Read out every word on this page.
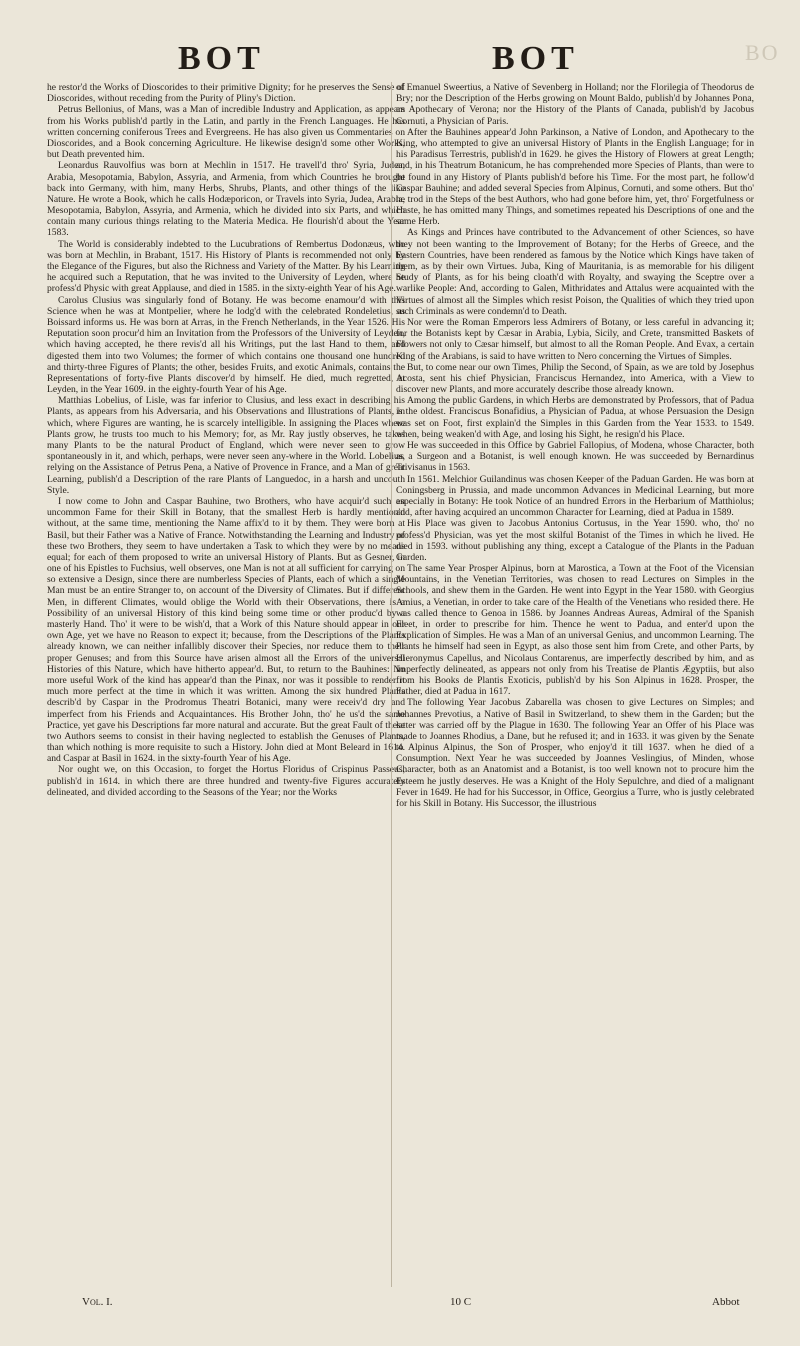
BOT	BOT	BO

he restor'd the Works of Dioscorides to their primitive Dignity; for he preserves the Sense of Dioscorides, without receding from the Purity of Pliny's Diction.

Petrus Bellonius, of Mans, was a Man of incredible Industry and Application, as appears from his Works publish'd partly in the Latin, and partly in the French Languages. He has written concerning coniferous Trees and Evergreens. He has also given us Commentaries on Dioscorides, and a Book concerning Agriculture. He likewise design'd some other Works, but Death prevented him.

Leonardus Rauvolfius was born at Mechlin in 1517. He travell'd thro' Syria, Judea, Arabia, Mesopotamia, Babylon, Assyria, and Armenia, from which Countries he brought back into Germany, with him, many Herbs, Shrubs, Plants, and other things of the like Nature. He wrote a Book, which he calls Hodæporicon, or Travels into Syria, Judea, Arabia, Mesopotamia, Babylon, Assyria, and Armenia, which he divided into six Parts, and which contain many curious things relating to the Materia Medica. He flourish'd about the Year 1583.

The World is considerably indebted to the Lucubrations of Rembertus Dodonæus, who was born at Mechlin, in Brabant, 1517. His History of Plants is recommended not only by the Elegance of the Figures, but also the Richness and Variety of the Matter. By his Learning he acquired such a Reputation, that he was invited to the University of Leyden, where he profess'd Physic with great Applause, and died in 1585. in the sixty-eighth Year of his Age.

Carolus Clusius was singularly fond of Botany. He was become enamour'd with this Science when he was at Montpelier, where he lodg'd with the celebrated Rondeletius, as Boissard informs us. He was born at Arras, in the French Netherlands, in the Year 1526. His Reputation soon procur'd him an Invitation from the Professors of the University of Leyden, which having accepted, he there revis'd all his Writings, put the last Hand to them, and digested them into two Volumes; the former of which contains one thousand one hundred and thirty-three Figures of Plants; the other, besides Fruits, and exotic Animals, contains the Representations of forty-five Plants discover'd by himself. He died, much regretted, at Leyden, in the Year 1609. in the eighty-fourth Year of his Age.

Matthias Lobelius, of Lisle, was far inferior to Clusius, and less exact in describing his Plants, as appears from his Adversaria, and his Observations and Illustrations of Plants, in which, where Figures are wanting, he is scarcely intelligible. In assigning the Places where Plants grow, he trusts too much to his Memory; for, as Mr. Ray justly observes, he takes many Plants to be the natural Product of England, which were never seen to grow spontaneously in it, and which, perhaps, were never seen any-where in the World. Lobelius, relying on the Assistance of Petrus Pena, a Native of Provence in France, and a Man of great Learning, publish'd a Description of the rare Plants of Languedoc, in a harsh and uncouth Style.

I now come to John and Caspar Bauhine, two Brothers, who have acquir'd such an uncommon Fame for their Skill in Botany, that the smallest Herb is hardly mention'd without, at the same time, mentioning the Name affix'd to it by them. They were born at Basil, but their Father was a Native of France. Notwithstanding the Learning and Industry of these two Brothers, they seem to have undertaken a Task to which they were by no means equal; for each of them proposed to write an universal History of Plants. But as Gesner, in one of his Epistles to Fuchsius, well observes, one Man is not at all sufficient for carrying on so extensive a Design, since there are numberless Species of Plants, each of which a single Man must be an entire Stranger to, on account of the Diversity of Climates. But if different Men, in different Climates, would oblige the World with their Observations, there is a Possibility of an universal History of this kind being some time or other produc'd by a masterly Hand. Tho' it were to be wish'd, that a Work of this Nature should appear in our own Age, yet we have no Reason to expect it; because, from the Descriptions of the Plants already known, we can neither infallibly discover their Species, nor reduce them to their proper Genuses; and from this Source have arisen almost all the Errors of the universal Histories of this Nature, which have hitherto appear'd. But, to return to the Bauhines: No more useful Work of the kind has appear'd than the Pinax, nor was it possible to render it much more perfect at the time in which it was written. Among the six hundred Plants describ'd by Caspar in the Prodromus Theatri Botanici, many were receiv'd dry and imperfect from his Friends and Acquaintances. His Brother John, tho' he us'd the same Practice, yet gave his Descriptions far more natural and accurate. But the great Fault of these two Authors seems to consist in their having neglected to establish the Genuses of Plants, than which nothing is more requisite to such a History. John died at Mont Beleard in 1614. and Caspar at Basil in 1624. in the sixty-fourth Year of his Age.

Nor ought we, on this Occasion, to forget the Hortus Floridus of Crispinus Passeus, publish'd in 1614. in which there are three hundred and twenty-five Figures accurately delineated, and divided according to the Seasons of the Year; nor the Works

of Emanuel Sweertius, a Native of Sevenberg in Holland; nor the Florilegia of Theodorus de Bry; nor the Description of the Herbs growing on Mount Baldo, publish'd by Johannes Pona, an Apothecary of Verona; nor the History of the Plants of Canada, publish'd by Jacobus Cornuti, a Physician of Paris.

After the Bauhines appear'd John Parkinson, a Native of London, and Apothecary to the King, who attempted to give an universal History of Plants in the English Language; for in his Paradisus Terrestris, publish'd in 1629. he gives the History of Flowers at great Length; and, in his Theatrum Botanicum, he has comprehended more Species of Plants, than were to be found in any History of Plants publish'd before his Time. For the most part, he follow'd Caspar Bauhine; and added several Species from Alpinus, Cornuti, and some others. But tho' he trod in the Steps of the best Authors, who had gone before him, yet, thro' Forgetfulness or Haste, he has omitted many Things, and sometimes repeated his Descriptions of one and the same Herb.

As Kings and Princes have contributed to the Advancement of other Sciences, so have they not been wanting to the Improvement of Botany; for the Herbs of Greece, and the Eastern Countries, have been rendered as famous by the Notice which Kings have taken of them, as by their own Virtues. Juba, King of Mauritania, is as memorable for his diligent Study of Plants, as for his being cloath'd with Royalty, and swaying the Sceptre over a warlike People: And, according to Galen, Mithridates and Attalus were acquainted with the Virtues of almost all the Simples which resist Poison, the Qualities of which they tried upon such Criminals as were condemn'd to Death.

Nor were the Roman Emperors less Admirers of Botany, or less careful in advancing it; for the Botanists kept by Cæsar in Arabia, Lybia, Sicily, and Crete, transmitted Baskets of Flowers not only to Cæsar himself, but almost to all the Roman People. And Evax, a certain King of the Arabians, is said to have written to Nero concerning the Virtues of Simples.

But, to come near our own Times, Philip the Second, of Spain, as we are told by Josephus Acosta, sent his chief Physician, Franciscus Hernandez, into America, with a View to discover new Plants, and more accurately describe those already known.

Among the public Gardens, in which Herbs are demonstrated by Professors, that of Padua is the oldest. Franciscus Bonafidius, a Physician of Padua, at whose Persuasion the Design was set on Foot, first explain'd the Simples in this Garden from the Year 1533. to 1549. when, being weaken'd with Age, and losing his Sight, he resign'd his Place.

He was succeeded in this Office by Gabriel Fallopius, of Modena, whose Character, both as a Surgeon and a Botanist, is well enough known. He was succeeded by Bernardinus Trivisanus in 1563.

In 1561. Melchior Guilandinus was chosen Keeper of the Paduan Garden. He was born at Coningsberg in Prussia, and made uncommon Advances in Medicinal Learning, but more especially in Botany: He took Notice of an hundred Errors in the Herbarium of Matthiolus; and, after having acquired an uncommon Character for Learning, died at Padua in 1589.

His Place was given to Jacobus Antonius Cortusus, in the Year 1590. who, tho' no profess'd Physician, was yet the most skilful Botanist of the Times in which he lived. He died in 1593. without publishing any thing, except a Catalogue of the Plants in the Paduan Garden.

The same Year Prosper Alpinus, born at Marostica, a Town at the Foot of the Vicensian Mountains, in the Venetian Territories, was chosen to read Lectures on Simples in the Schools, and shew them in the Garden. He went into Egypt in the Year 1580. with Georgius Amius, a Venetian, in order to take care of the Health of the Venetians who resided there. He was called thence to Genoa in 1586. by Joannes Andreas Aureas, Admiral of the Spanish Fleet, in order to prescribe for him. Thence he went to Padua, and enter'd upon the Explication of Simples. He was a Man of an universal Genius, and uncommon Learning. The Plants he himself had seen in Egypt, as also those sent him from Crete, and other Parts, by Hieronymus Capellus, and Nicolaus Contarenus, are imperfectly described by him, and as imperfectly delineated, as appears not only from his Treatise de Plantis Ægyptiis, but also from his Books de Plantis Exoticis, publish'd by his Son Alpinus in 1628. Prosper, the Father, died at Padua in 1617.

The following Year Jacobus Zabarella was chosen to give Lectures on Simples; and Johannes Prevotius, a Native of Basil in Switzerland, to shew them in the Garden; but the latter was carried off by the Plague in 1630. The following Year an Offer of his Place was made to Joannes Rhodius, a Dane, but he refused it; and in 1633. it was given by the Senate to Alpinus Alpinus, the Son of Prosper, who enjoy'd it till 1637. when he died of a Consumption. Next Year he was succeeded by Joannes Veslingius, of Minden, whose Character, both as an Anatomist and a Botanist, is too well known not to procure him the Esteem he justly deserves. He was a Knight of the Holy Sepulchre, and died of a malignant Fever in 1649. He had for his Successor, in Office, Georgius a Turre, who is justly celebrated for his Skill in Botany. His Successor, the illustrious

Vol. I.	10 C	Abbot
